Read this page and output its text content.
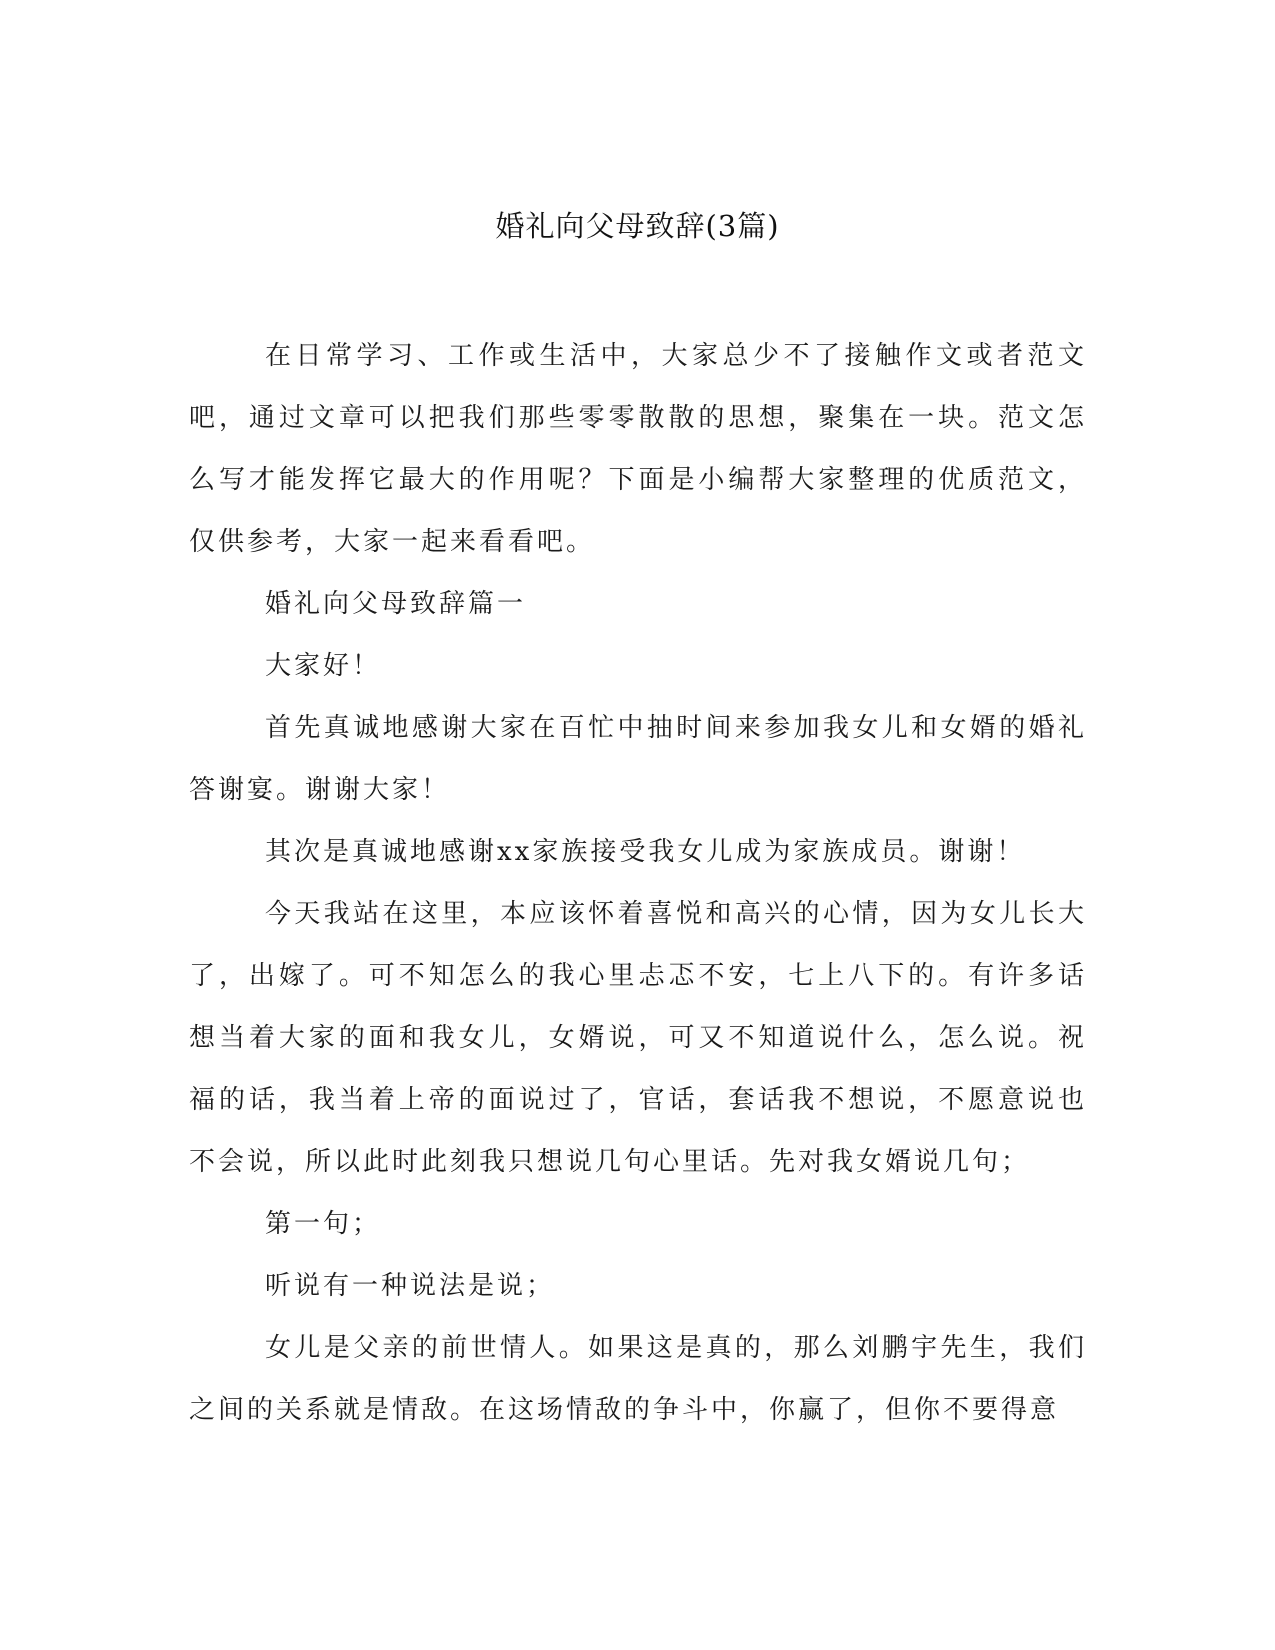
婚礼向父母致辞(3篇)

在日常学习、工作或生活中，大家总少不了接触作文或者范文吧，通过文章可以把我们那些零零散散的思想，聚集在一块。范文怎么写才能发挥它最大的作用呢？下面是小编帮大家整理的优质范文，仅供参考，大家一起来看看吧。

婚礼向父母致辞篇一

大家好！

首先真诚地感谢大家在百忙中抽时间来参加我女儿和女婿的婚礼答谢宴。谢谢大家！

其次是真诚地感谢xx家族接受我女儿成为家族成员。谢谢！

今天我站在这里，本应该怀着喜悦和高兴的心情，因为女儿长大了，出嫁了。可不知怎么的我心里忐忑不安，七上八下的。有许多话想当着大家的面和我女儿，女婿说，可又不知道说什么，怎么说。祝福的话，我当着上帝的面说过了，官话，套话我不想说，不愿意说也不会说，所以此时此刻我只想说几句心里话。先对我女婿说几句；

第一句；

听说有一种说法是说；

女儿是父亲的前世情人。如果这是真的，那么刘鹏宇先生，我们之间的关系就是情敌。在这场情敌的争斗中，你赢了，但你不要得意
